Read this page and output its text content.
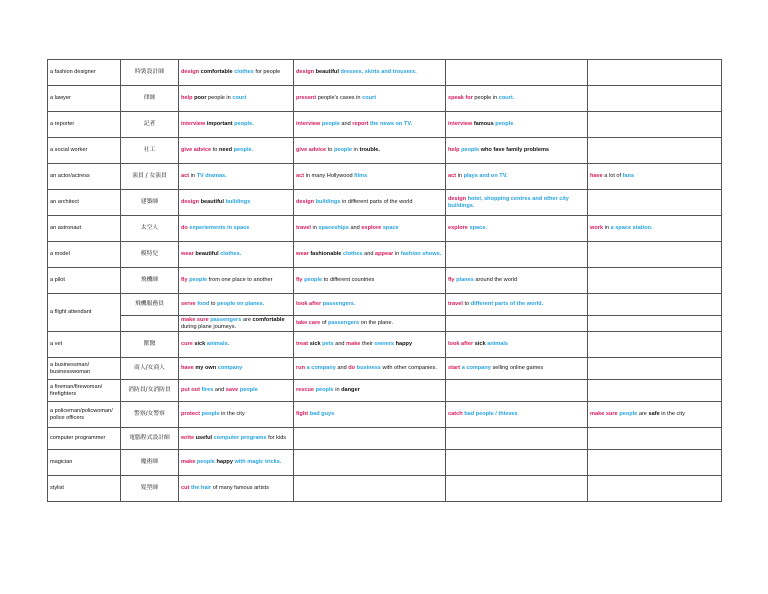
a fashion designer	時裝設計師	design comfortable clothes for people	design beautiful dresses, skirts and trousers.		
a lawyer	律師	help poor people in court	present people's cases in court	speak for people in court.	
a reporter	記者	interview important people.	interview people and report the news on TV.	interview famous people	
a social worker	社工	give advice to need people.	give advice to people in trouble.	help people who fave family problems	
an actor/actress	演員 / 女演員	act in TV dramas.	act in many Hollywood films	act in plays and on TV.	have a lot of fans
an architect	建築師	design beautiful buildings	design buildings in different parts of the world	design hotel, shopping centres and other city buildings.	
an astronaut	太空人	do experiements in space	travel in spaceships and explore space	explore space.	work in a space station.
a model	模特兒	wear beautiful clothes.	wear fashionable clothes and appear in fashion shows.		
a pilot	飛機師	fly people from one place to another	fly people to different countries	fly planes around the world	
a flight attendant	飛機服務員	serve food to people on planes.	look after passengers.	travel to different parts of the world.	
		make sure passengers are comfortable during plane journeys.	take care of passengers on the plane.		
a vet	獸醫	cure sick animals.	treat sick pets and make their owners happy	look after sick animals	
a businessman/ businesswoman	商人/女商人	have my own company	run a company and do business with other companies.	start a company selling online games	
a fireman/firewoman/ firefighters	消防員/女消防員	put out fires and save people	rescue people in danger		
a policeman/policwoman/ police officers	警察/女警察	protect people in the city	fight bad guys	catch bad people / thieves	make sure people are safe in the city
computer programmer	電腦程式設計師	write useful computer programs for kids			
magician	魔術師	make people happy with magic tricks.			
stylist	髮型師	cut the hair of many famous artists			
